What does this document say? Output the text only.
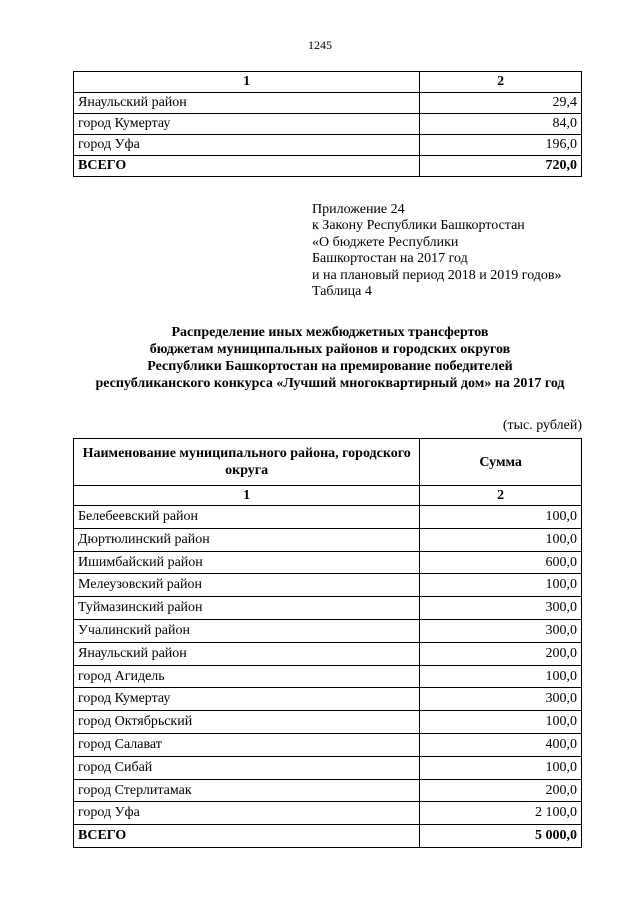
1245
1	2
Янаульский район	29,4
город Кумертау	84,0
город Уфа	196,0
ВСЕГО	720,0
Приложение 24
к Закону Республики Башкортостан
«О бюджете Республики
Башкортостан на 2017 год
и на плановый период 2018 и 2019 годов»
Таблица 4
Распределение иных межбюджетных трансфертов
бюджетам муниципальных районов и городских округов
Республики Башкортостан на премирование победителей
республиканского конкурса «Лучший многоквартирный дом» на 2017 год
(тыс. рублей)
Наименование муниципального района, городского округа	Сумма
1	2
Белебеевский район	100,0
Дюртюлинский район	100,0
Ишимбайский район	600,0
Мелеузовский район	100,0
Туймазинский район	300,0
Учалинский район	300,0
Янаульский район	200,0
город Агидель	100,0
город Кумертау	300,0
город Октябрьский	100,0
город Салават	400,0
город Сибай	100,0
город Стерлитамак	200,0
город Уфа	2 100,0
ВСЕГО	5 000,0
